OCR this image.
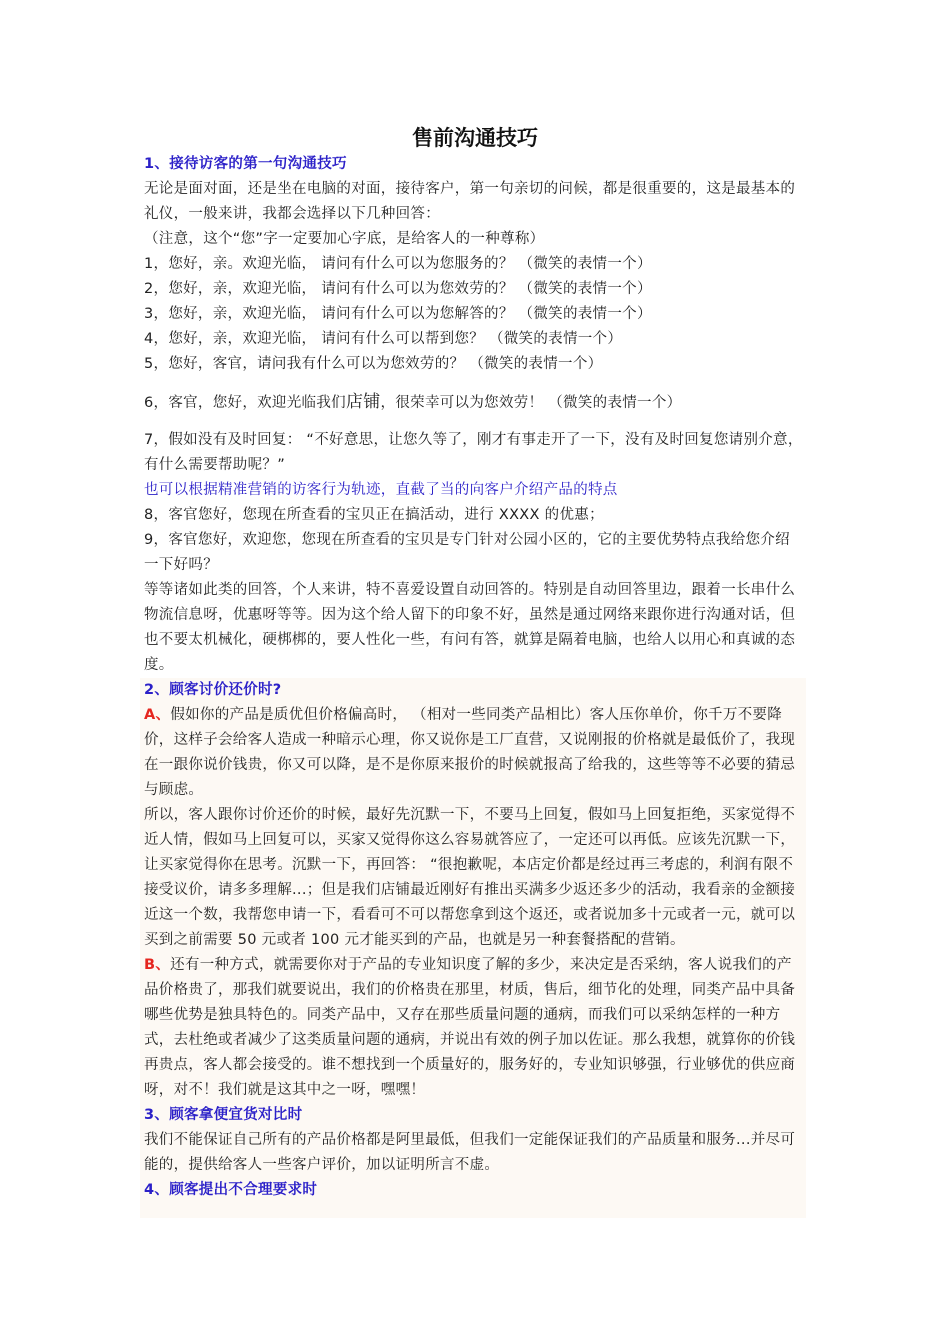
售前沟通技巧

1、接待访客的第一句沟通技巧

无论是面对面，还是坐在电脑的对面，接待客户，第一句亲切的问候，都是很重要的，这是最基本的礼仪，一般来讲，我都会选择以下几种回答：

（注意，这个“您”字一定要加心字底，是给客人的一种尊称）

1，您好，亲。欢迎光临， 请问有什么可以为您服务的？ （微笑的表情一个）

2，您好，亲，欢迎光临， 请问有什么可以为您效劳的？ （微笑的表情一个）

3，您好，亲，欢迎光临， 请问有什么可以为您解答的？ （微笑的表情一个）

4，您好，亲，欢迎光临， 请问有什么可以帮到您？ （微笑的表情一个）

5，您好，客官，请问我有什么可以为您效劳的？ （微笑的表情一个）

6，客官，您好，欢迎光临我们店铺，很荣幸可以为您效劳！ （微笑的表情一个）

7，假如没有及时回复： “不好意思，让您久等了，刚才有事走开了一下，没有及时回复您请别介意，有什么需要帮助呢？”

也可以根据精准营销的访客行为轨迹，直截了当的向客户介绍产品的特点

8，客官您好，您现在所查看的宝贝正在搞活动，进行 XXXX 的优惠；

9，客官您好，欢迎您，您现在所查看的宝贝是专门针对公园小区的，它的主要优势特点我给您介绍一下好吗？

等等诸如此类的回答，个人来讲，特不喜爱设置自动回答的。特别是自动回答里边，跟着一长串什么物流信息呀，优惠呀等等。因为这个给人留下的印象不好，虽然是通过网络来跟你进行沟通对话，但也不要太机械化，硬梆梆的，要人性化一些，有问有答，就算是隔着电脑，也给人以用心和真诚的态度。

2、顾客讨价还价时?

A、假如你的产品是质优但价格偏高时， （相对一些同类产品相比）客人压你单价，你千万不要降价，这样子会给客人造成一种暗示心理，你又说你是工厂直营，又说刚报的价格就是最低价了，我现在一跟你说价钱贵，你又可以降，是不是你原来报价的时候就报高了给我的，这些等等不必要的猜忌与顾虑。

所以，客人跟你讨价还价的时候，最好先沉默一下，不要马上回复，假如马上回复拒绝，买家觉得不近人情，假如马上回复可以，买家又觉得你这么容易就答应了，一定还可以再低。应该先沉默一下，让买家觉得你在思考。沉默一下，再回答： “很抱歉呢，本店定价都是经过再三考虑的，利润有限不接受议价，请多多理解...；但是我们店铺最近刚好有推出买满多少返还多少的活动，我看亲的金额接近这一个数，我帮您申请一下，看看可不可以帮您拿到这个返还，或者说加多十元或者一元，就可以买到之前需要 50 元或者 100 元才能买到的产品，也就是另一种套餐搭配的营销。

B、还有一种方式，就需要你对于产品的专业知识度了解的多少，来决定是否采纳，客人说我们的产品价格贵了，那我们就要说出，我们的价格贵在那里，材质，售后，细节化的处理，同类产品中具备哪些优势是独具特色的。同类产品中，又存在那些质量问题的通病，而我们可以采纳怎样的一种方式，去杜绝或者减少了这类质量问题的通病，并说出有效的例子加以佐证。那么我想，就算你的价钱再贵点，客人都会接受的。谁不想找到一个质量好的，服务好的，专业知识够强，行业够优的供应商呀，对不！我们就是这其中之一呀，嘿嘿！

3、顾客拿便宜货对比时

我们不能保证自己所有的产品价格都是阿里最低，但我们一定能保证我们的产品质量和服务...并尽可能的，提供给客人一些客户评价，加以证明所言不虚。

4、顾客提出不合理要求时
